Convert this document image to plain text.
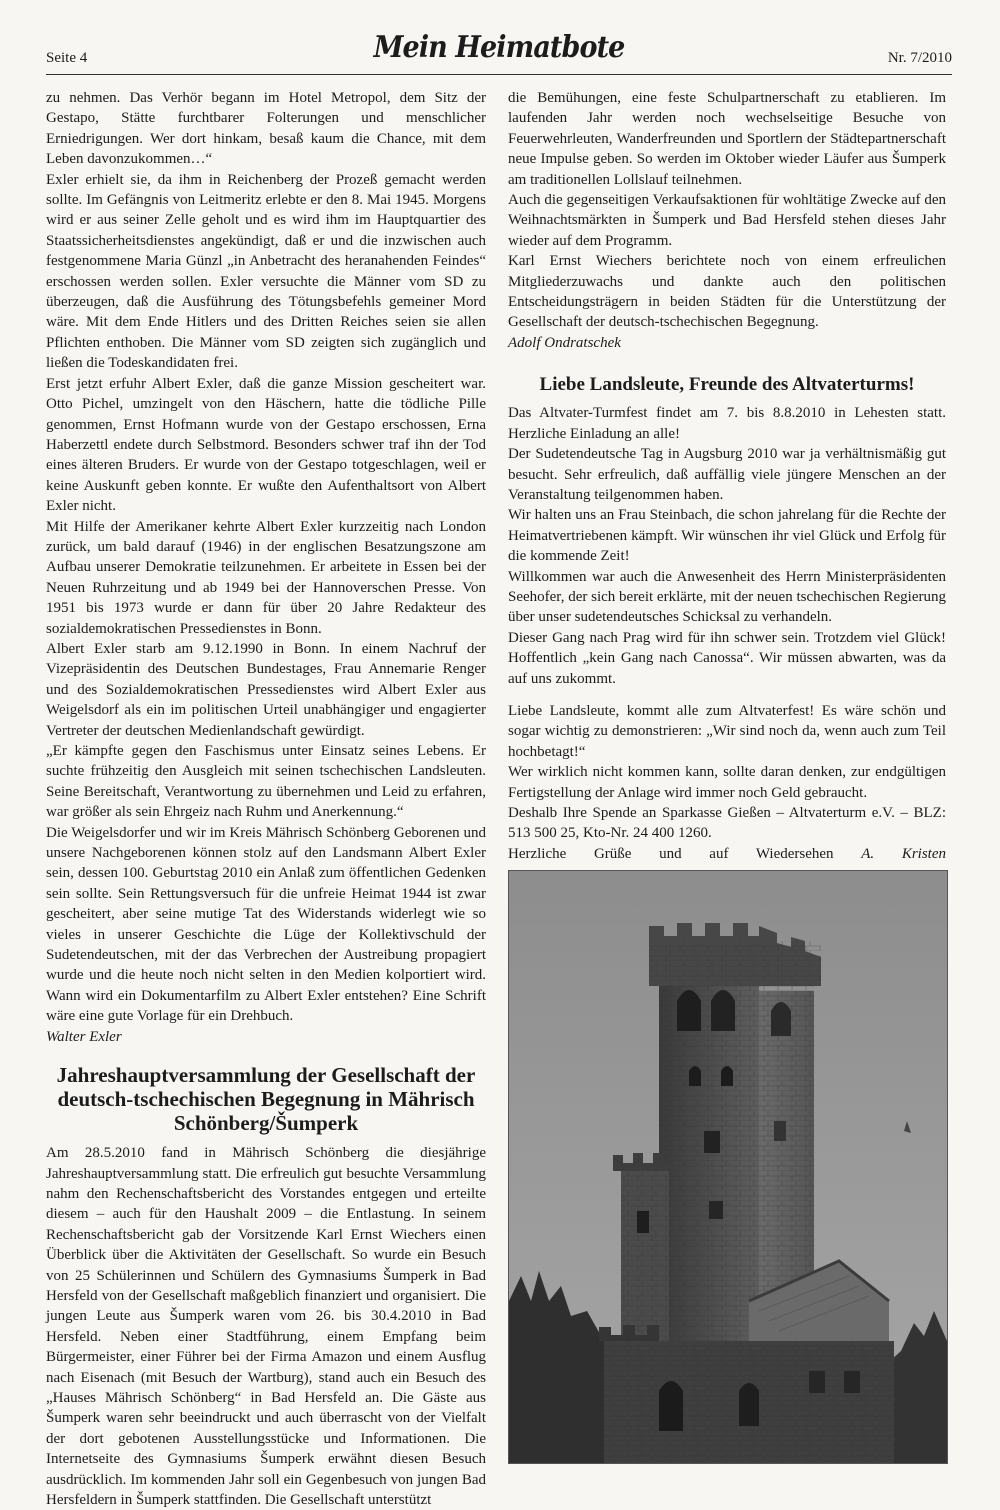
Seite 4	Mein Heimatbote	Nr. 7/2010

zu nehmen. Das Verhör begann im Hotel Metropol, dem Sitz der Gestapo, Stätte furchtbarer Folterungen und menschlicher Erniedrigungen. Wer dort hinkam, besaß kaum die Chance, mit dem Leben davonzukommen…“

Exler erhielt sie, da ihm in Reichenberg der Prozeß gemacht werden sollte. Im Gefängnis von Leitmeritz erlebte er den 8. Mai 1945. Morgens wird er aus seiner Zelle geholt und es wird ihm im Hauptquartier des Staatssicherheitsdienstes angekündigt, daß er und die inzwischen auch festgenommene Maria Günzl „in Anbetracht des heranahenden Feindes“ erschossen werden sollen. Exler versuchte die Männer vom SD zu überzeugen, daß die Ausführung des Tötungsbefehls gemeiner Mord wäre. Mit dem Ende Hitlers und des Dritten Reiches seien sie allen Pflichten enthoben. Die Männer vom SD zeigten sich zugänglich und ließen die Todeskandidaten frei.

Erst jetzt erfuhr Albert Exler, daß die ganze Mission gescheitert war. Otto Pichel, umzingelt von den Häschern, hatte die tödliche Pille genommen, Ernst Hofmann wurde von der Gestapo erschossen, Erna Haberzettl endete durch Selbstmord. Besonders schwer traf ihn der Tod eines älteren Bruders. Er wurde von der Gestapo totgeschlagen, weil er keine Auskunft geben konnte. Er wußte den Aufenthaltsort von Albert Exler nicht.

Mit Hilfe der Amerikaner kehrte Albert Exler kurzzeitig nach London zurück, um bald darauf (1946) in der englischen Besatzungszone am Aufbau unserer Demokratie teilzunehmen. Er arbeitete in Essen bei der Neuen Ruhrzeitung und ab 1949 bei der Hannoverschen Presse. Von 1951 bis 1973 wurde er dann für über 20 Jahre Redakteur des sozialdemokratischen Pressedienstes in Bonn.

Albert Exler starb am 9.12.1990 in Bonn. In einem Nachruf der Vizepräsidentin des Deutschen Bundestages, Frau Annemarie Renger und des Sozialdemokratischen Pressedienstes wird Albert Exler aus Weigelsdorf als ein im politischen Urteil unabhängiger und engagierter Vertreter der deutschen Medienlandschaft gewürdigt.

„Er kämpfte gegen den Faschismus unter Einsatz seines Lebens. Er suchte frühzeitig den Ausgleich mit seinen tschechischen Landsleuten. Seine Bereitschaft, Verantwortung zu übernehmen und Leid zu erfahren, war größer als sein Ehrgeiz nach Ruhm und Anerkennung.“

Die Weigelsdorfer und wir im Kreis Mährisch Schönberg Geborenen und unsere Nachgeborenen können stolz auf den Landsmann Albert Exler sein, dessen 100. Geburtstag 2010 ein Anlaß zum öffentlichen Gedenken sein sollte. Sein Rettungsversuch für die unfreie Heimat 1944 ist zwar gescheitert, aber seine mutige Tat des Widerstands widerlegt wie so vieles in unserer Geschichte die Lüge der Kollektivschuld der Sudetendeutschen, mit der das Verbrechen der Austreibung propagiert wurde und die heute noch nicht selten in den Medien kolportiert wird. Wann wird ein Dokumentarfilm zu Albert Exler entstehen? Eine Schrift wäre eine gute Vorlage für ein Drehbuch.

Walter Exler

Jahreshauptversammlung der Gesellschaft der deutsch-tschechischen Begegnung in Mährisch Schönberg/Šumperk

Am 28.5.2010 fand in Mährisch Schönberg die diesjährige Jahreshauptversammlung statt. Die erfreulich gut besuchte Versammlung nahm den Rechenschaftsbericht des Vorstandes entgegen und erteilte diesem – auch für den Haushalt 2009 – die Entlastung. In seinem Rechenschaftsbericht gab der Vorsitzende Karl Ernst Wiechers einen Überblick über die Aktivitäten der Gesellschaft. So wurde ein Besuch von 25 Schülerinnen und Schülern des Gymnasiums Šumperk in Bad Hersfeld von der Gesellschaft maßgeblich finanziert und organisiert. Die jungen Leute aus Šumperk waren vom 26. bis 30.4.2010 in Bad Hersfeld. Neben einer Stadtführung, einem Empfang beim Bürgermeister, einer Führer bei der Firma Amazon und einem Ausflug nach Eisenach (mit Besuch der Wartburg), stand auch ein Besuch des „Hauses Mährisch Schönberg“ in Bad Hersfeld an. Die Gäste aus Šumperk waren sehr beeindruckt und auch überrascht von der Vielfalt der dort gebotenen Ausstellungsstücke und Informationen. Die Internetseite des Gymnasiums Šumperk erwähnt diesen Besuch ausdrücklich. Im kommenden Jahr soll ein Gegenbesuch von jungen Bad Hersfeldern in Šumperk stattfinden. Die Gesellschaft unterstützt

die Bemühungen, eine feste Schulpartnerschaft zu etablieren. Im laufenden Jahr werden noch wechselseitige Besuche von Feuerwehrleuten, Wanderfreunden und Sportlern der Städtepartnerschaft neue Impulse geben. So werden im Oktober wieder Läufer aus Šumperk am traditionellen Lollslauf teilnehmen.

Auch die gegenseitigen Verkaufsaktionen für wohltätige Zwecke auf den Weihnachtsmärkten in Šumperk und Bad Hersfeld stehen dieses Jahr wieder auf dem Programm.

Karl Ernst Wiechers berichtete noch von einem erfreulichen Mitgliederzuwachs und dankte auch den politischen Entscheidungsträgern in beiden Städten für die Unterstützung der Gesellschaft der deutsch-tschechischen Begegnung.

Adolf Ondratschek

Liebe Landsleute, Freunde des Altvaterturms!

Das Altvater-Turmfest findet am 7. bis 8.8.2010 in Lehesten statt. Herzliche Einladung an alle!

Der Sudetendeutsche Tag in Augsburg 2010 war ja verhältnismäßig gut besucht. Sehr erfreulich, daß auffällig viele jüngere Menschen an der Veranstaltung teilgenommen haben.

Wir halten uns an Frau Steinbach, die schon jahrelang für die Rechte der Heimatvertriebenen kämpft. Wir wünschen ihr viel Glück und Erfolg für die kommende Zeit!

Willkommen war auch die Anwesenheit des Herrn Ministerpräsidenten Seehofer, der sich bereit erklärte, mit der neuen tschechischen Regierung über unser sudetendeutsches Schicksal zu verhandeln.

Dieser Gang nach Prag wird für ihn schwer sein. Trotzdem viel Glück! Hoffentlich „kein Gang nach Canossa“. Wir müssen abwarten, was da auf uns zukommt.

Liebe Landsleute, kommt alle zum Altvaterfest! Es wäre schön und sogar wichtig zu demonstrieren: „Wir sind noch da, wenn auch zum Teil hochbetagt!“

Wer wirklich nicht kommen kann, sollte daran denken, zur endgültigen Fertigstellung der Anlage wird immer noch Geld gebraucht.

Deshalb Ihre Spende an Sparkasse Gießen – Altvaterturm e.V. – BLZ: 513 500 25, Kto-Nr. 24 400 1260.

Herzliche Grüße und auf Wiedersehen A. Kristen
